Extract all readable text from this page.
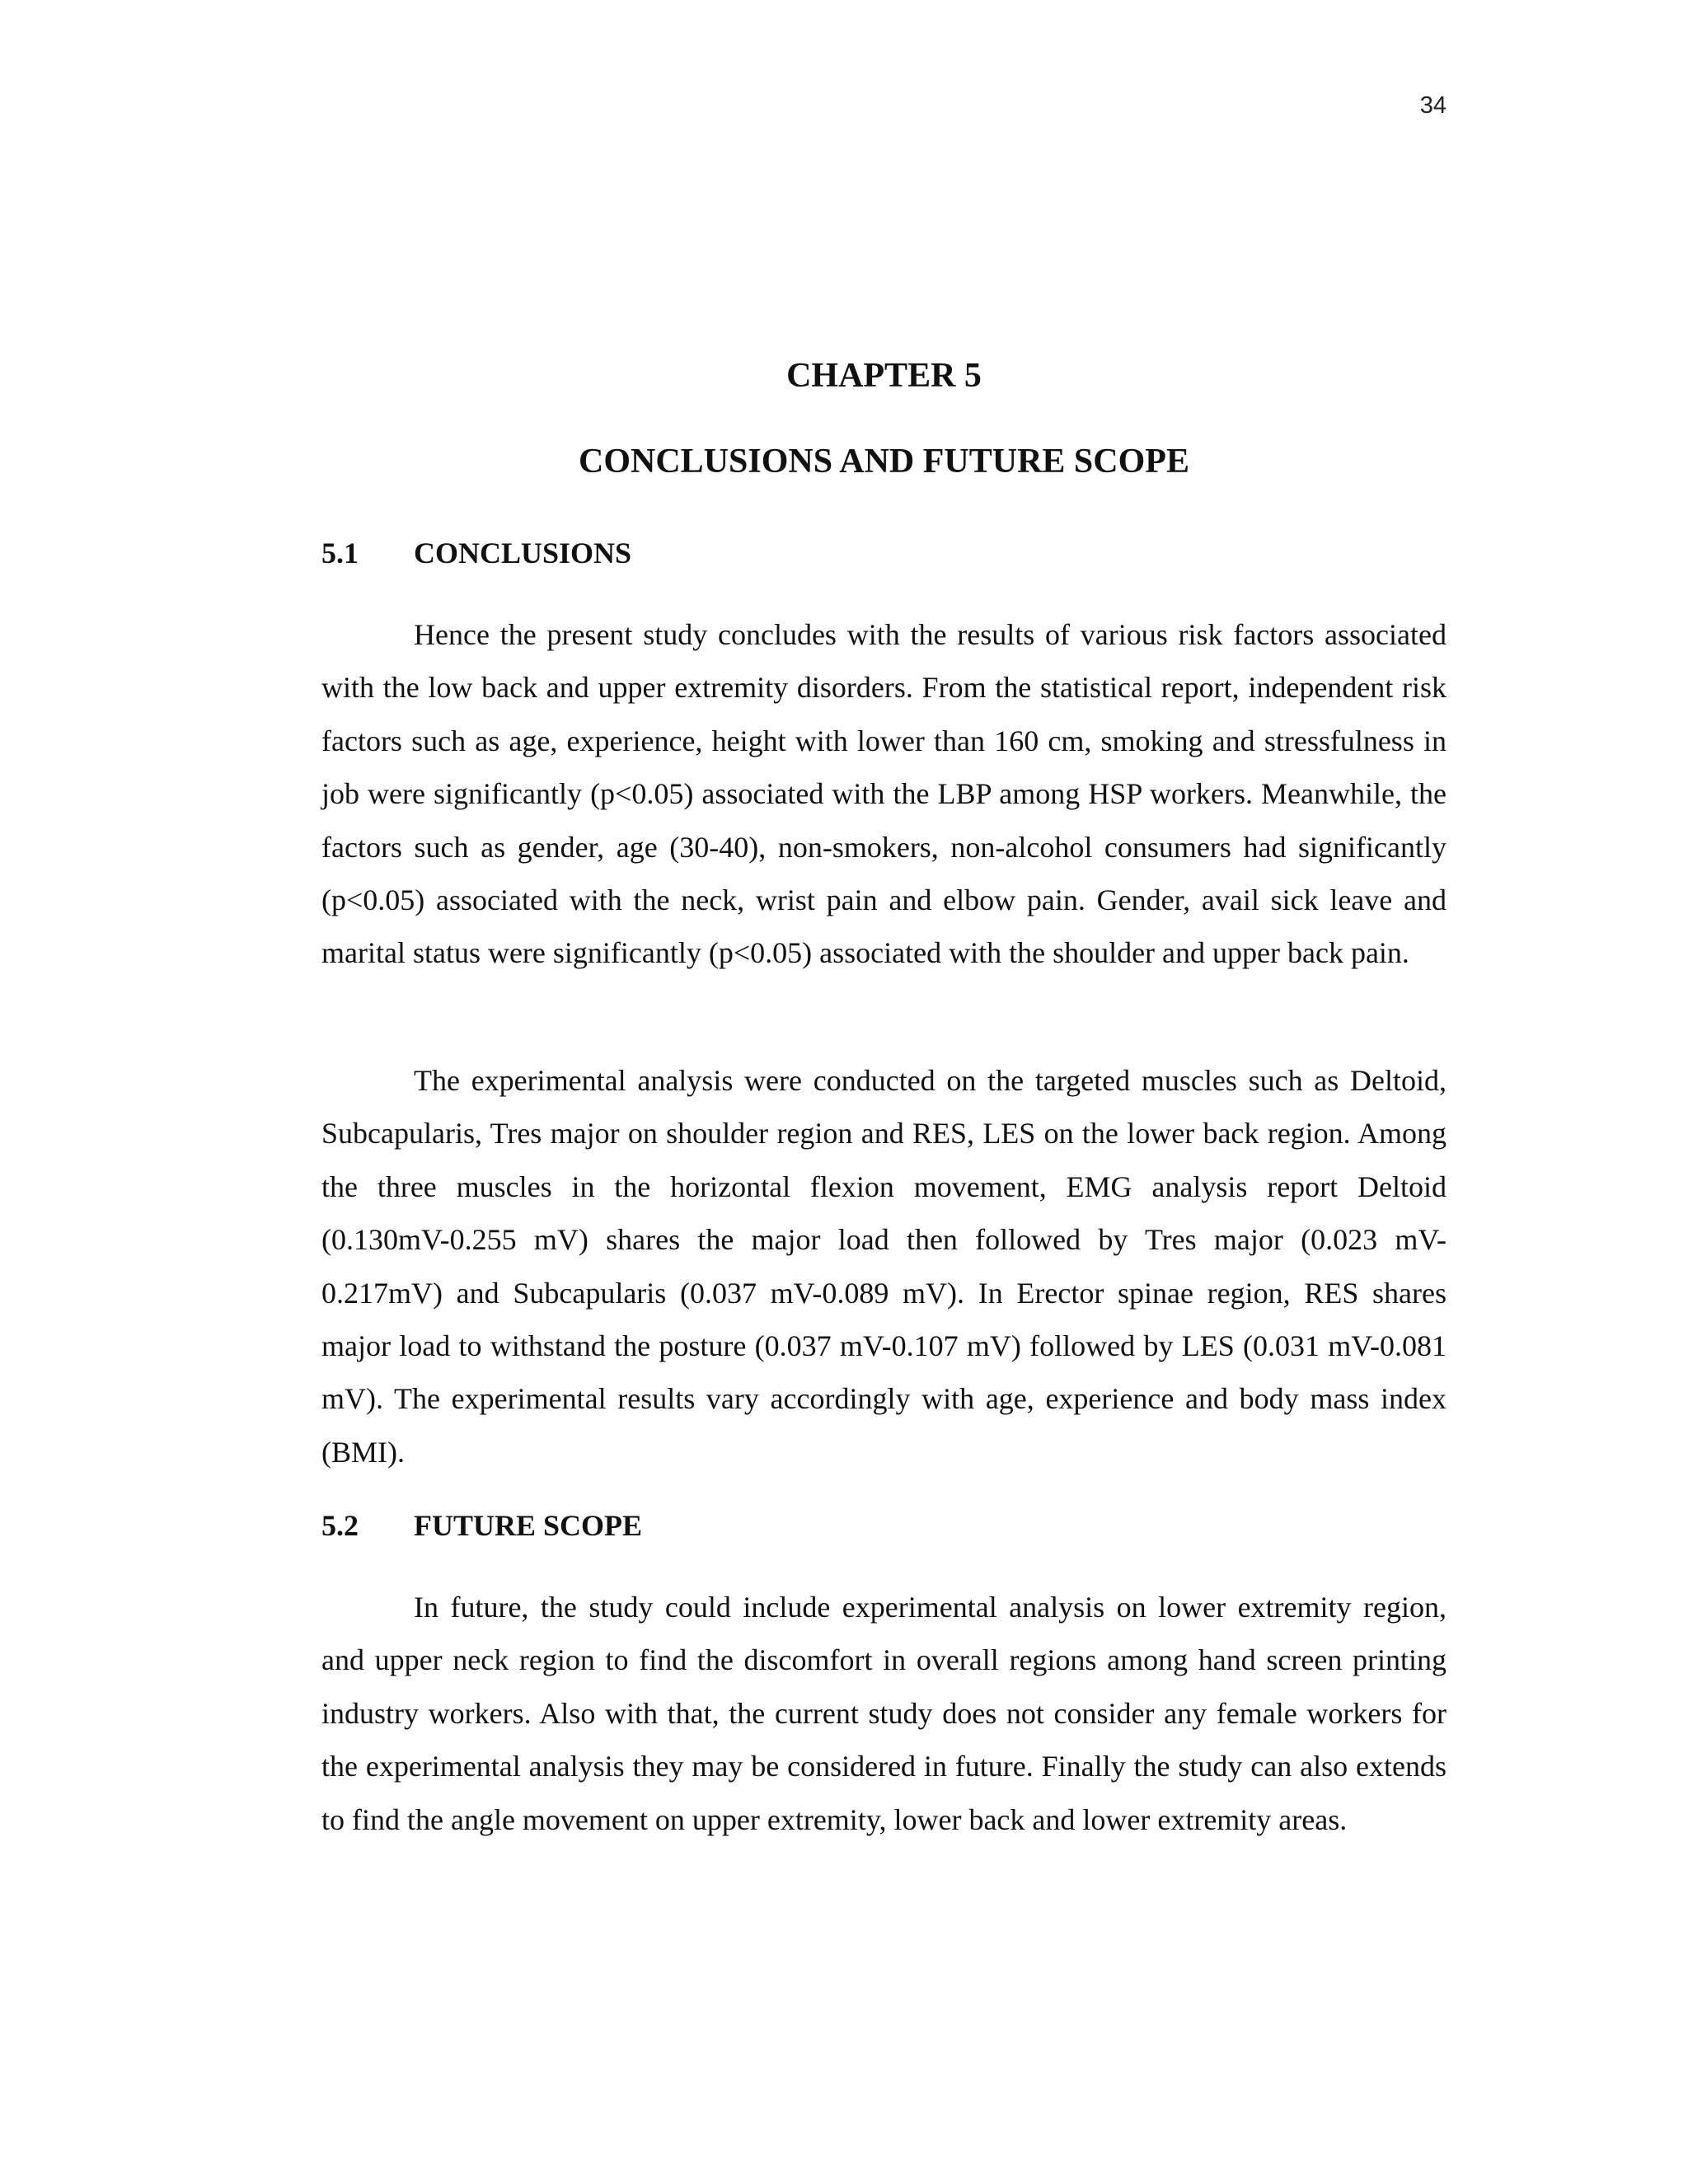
34
CHAPTER 5
CONCLUSIONS AND FUTURE SCOPE
5.1 CONCLUSIONS

Hence the present study concludes with the results of various risk factors associated with the low back and upper extremity disorders. From the statistical report, independent risk factors such as age, experience, height with lower than 160 cm, smoking and stressfulness in job were significantly (p<0.05) associated with the LBP among HSP workers. Meanwhile, the factors such as gender, age (30-40), non-smokers, non-alcohol consumers had significantly (p<0.05) associated with the neck, wrist pain and elbow pain. Gender, avail sick leave and marital status were significantly (p<0.05) associated with the shoulder and upper back pain.

The experimental analysis were conducted on the targeted muscles such as Deltoid, Subcapularis, Tres major on shoulder region and RES, LES on the lower back region. Among the three muscles in the horizontal flexion movement, EMG analysis report Deltoid (0.130mV-0.255 mV) shares the major load then followed by Tres major (0.023 mV-0.217mV) and Subcapularis (0.037 mV-0.089 mV). In Erector spinae region, RES shares major load to withstand the posture (0.037 mV-0.107 mV) followed by LES (0.031 mV-0.081 mV). The experimental results vary accordingly with age, experience and body mass index (BMI).

5.2 FUTURE SCOPE

In future, the study could include experimental analysis on lower extremity region, and upper neck region to find the discomfort in overall regions among hand screen printing industry workers. Also with that, the current study does not consider any female workers for the experimental analysis they may be considered in future. Finally the study can also extends to find the angle movement on upper extremity, lower back and lower extremity areas.
